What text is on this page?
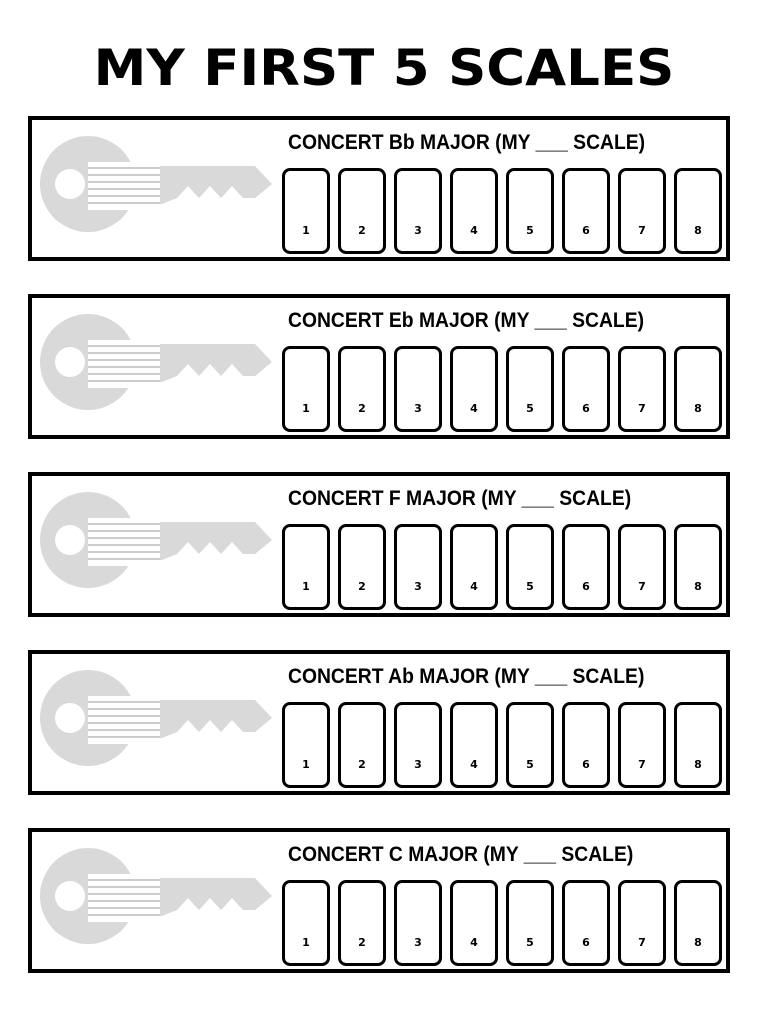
MY FIRST 5 SCALES
CONCERT Bb MAJOR (MY ___ SCALE)
1	2	3	4	5	6	7	8
CONCERT Eb MAJOR (MY ___ SCALE)
1	2	3	4	5	6	7	8
CONCERT F MAJOR (MY ___ SCALE)
1	2	3	4	5	6	7	8
CONCERT Ab MAJOR (MY ___ SCALE)
1	2	3	4	5	6	7	8
CONCERT C MAJOR (MY ___ SCALE)
1	2	3	4	5	6	7	8
